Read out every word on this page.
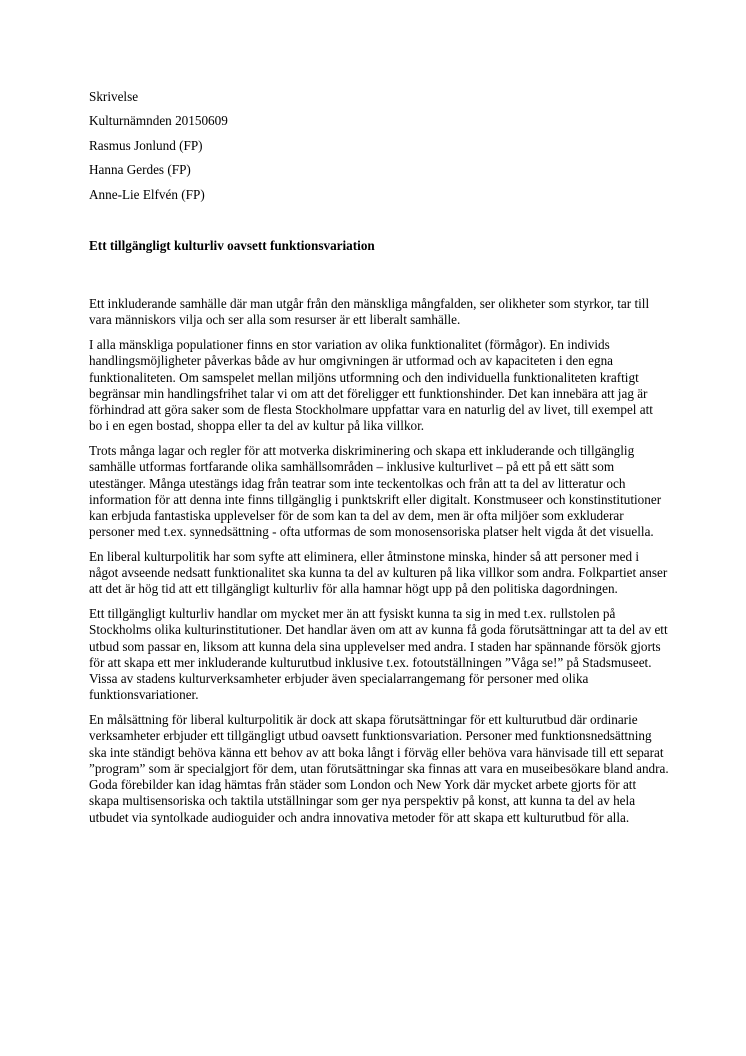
Skrivelse
Kulturnämnden 20150609
Rasmus Jonlund (FP)
Hanna Gerdes (FP)
Anne-Lie Elfvén (FP)
Ett tillgängligt kulturliv oavsett funktionsvariation

Ett inkluderande samhälle där man utgår från den mänskliga mångfalden, ser olikheter som styrkor, tar till vara människors vilja och ser alla som resurser är ett liberalt samhälle.

I alla mänskliga populationer finns en stor variation av olika funktionalitet (förmågor). En individs handlingsmöjligheter påverkas både av hur omgivningen är utformad och av kapaciteten i den egna funktionaliteten. Om samspelet mellan miljöns utformning och den individuella funktionaliteten kraftigt begränsar min handlingsfrihet talar vi om att det föreligger ett funktionshinder. Det kan innebära att jag är förhindrad att göra saker som de flesta Stockholmare uppfattar vara en naturlig del av livet, till exempel att bo i en egen bostad, shoppa eller ta del av kultur på lika villkor.

Trots många lagar och regler för att motverka diskriminering och skapa ett inkluderande och tillgänglig samhälle utformas fortfarande olika samhällsområden – inklusive kulturlivet – på ett på ett sätt som utestänger. Många utestängs idag från teatrar som inte teckentolkas och från att ta del av litteratur och information för att denna inte finns tillgänglig i punktskrift eller digitalt. Konstmuseer och konstinstitutioner kan erbjuda fantastiska upplevelser för de som kan ta del av dem, men är ofta miljöer som exkluderar personer med t.ex. synnedsättning - ofta utformas de som monosensoriska platser helt vigda åt det visuella.

En liberal kulturpolitik har som syfte att eliminera, eller åtminstone minska, hinder så att personer med i något avseende nedsatt funktionalitet ska kunna ta del av kulturen på lika villkor som andra. Folkpartiet anser att det är hög tid att ett tillgängligt kulturliv för alla hamnar högt upp på den politiska dagordningen.

Ett tillgängligt kulturliv handlar om mycket mer än att fysiskt kunna ta sig in med t.ex. rullstolen på Stockholms olika kulturinstitutioner. Det handlar även om att av kunna få goda förutsättningar att ta del av ett utbud som passar en, liksom att kunna dela sina upplevelser med andra. I staden har spännande försök gjorts för att skapa ett mer inkluderande kulturutbud inklusive t.ex. fotoutställningen ”Våga se!” på Stadsmuseet. Vissa av stadens kulturverksamheter erbjuder även specialarrangemang för personer med olika funktionsvariationer.

En målsättning för liberal kulturpolitik är dock att skapa förutsättningar för ett kulturutbud där ordinarie verksamheter erbjuder ett tillgängligt utbud oavsett funktionsvariation. Personer med funktionsnedsättning ska inte ständigt behöva känna ett behov av att boka långt i förväg eller behöva vara hänvisade till ett separat ”program” som är specialgjort för dem, utan förutsättningar ska finnas att vara en museibesökare bland andra. Goda förebilder kan idag hämtas från städer som London och New York där mycket arbete gjorts för att skapa multisensoriska och taktila utställningar som ger nya perspektiv på konst, att kunna ta del av hela utbudet via syntolkade audioguider och andra innovativa metoder för att skapa ett kulturutbud för alla.
